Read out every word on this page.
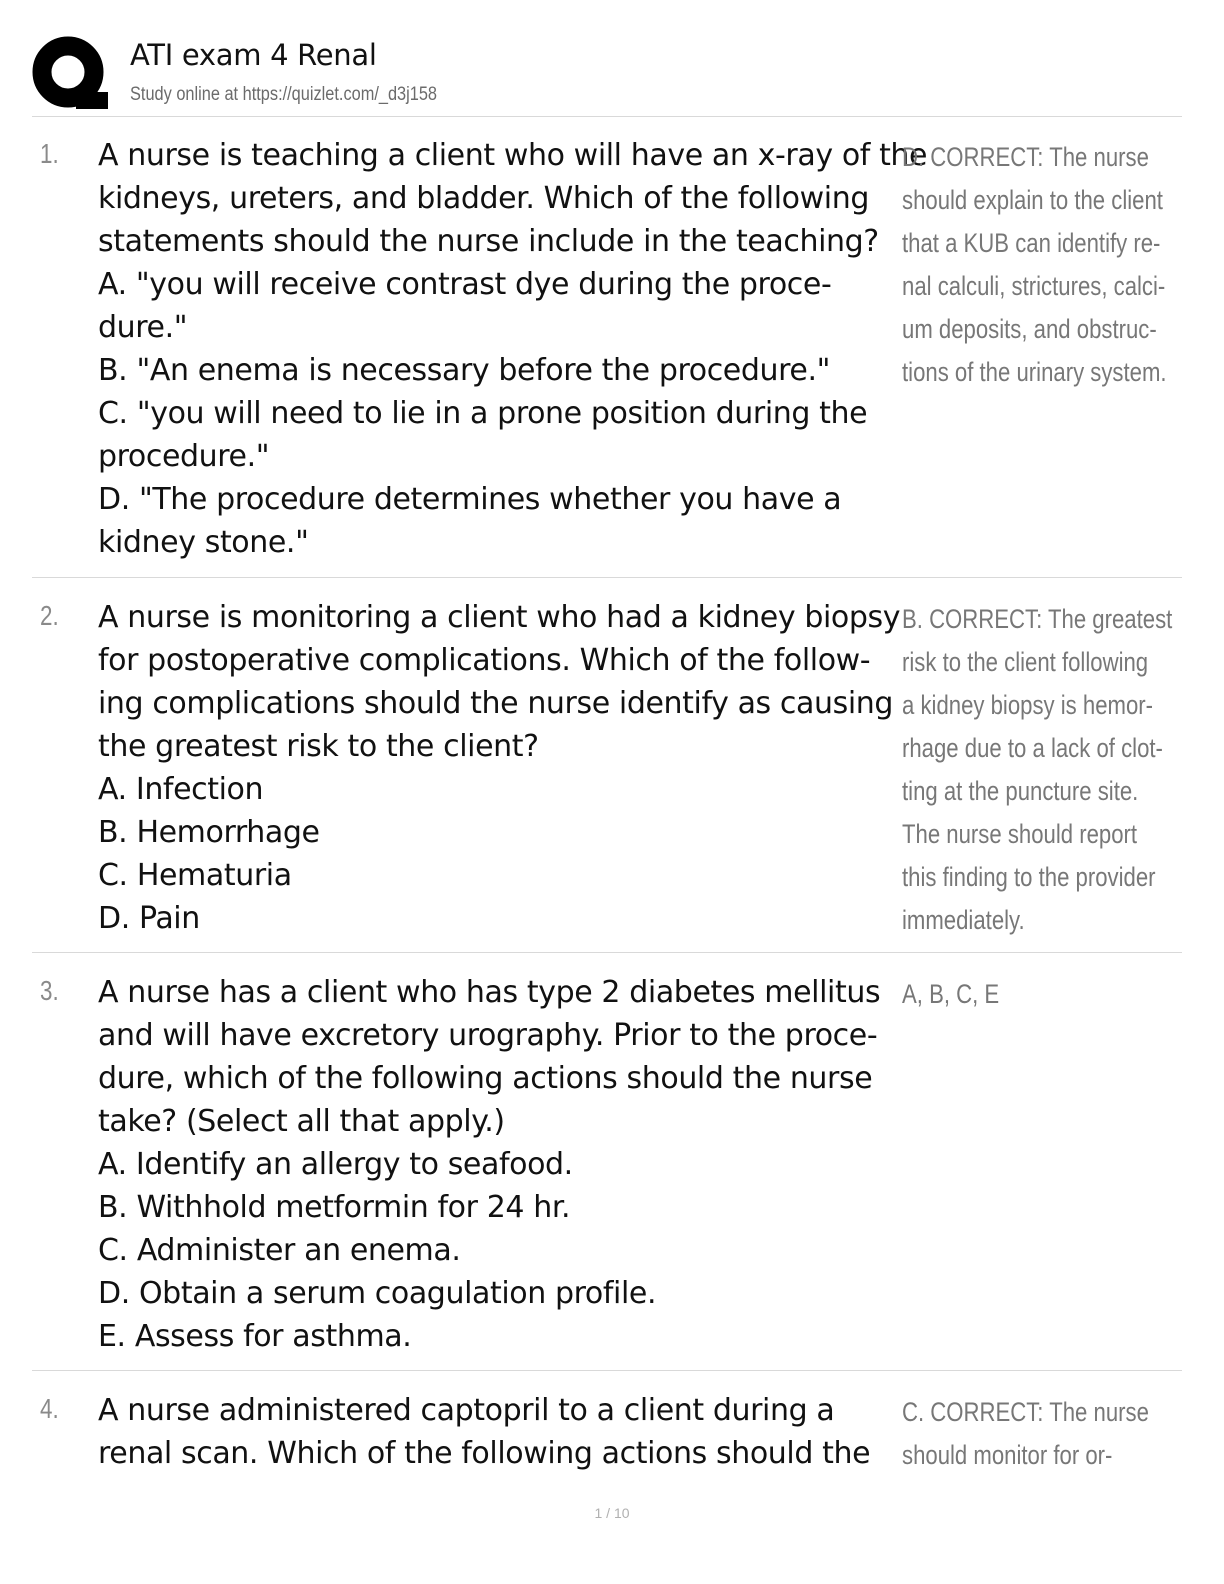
ATI exam 4 Renal
Study online at https://quizlet.com/_d3j158
1. A nurse is teaching a client who will have an x-ray of the
kidneys, ureters, and bladder. Which of the following
statements should the nurse include in the teaching?
A. "you will receive contrast dye during the proce-
dure."
B. "An enema is necessary before the procedure."
C. "you will need to lie in a prone position during the
procedure."
D. "The procedure determines whether you have a
kidney stone."
D. CORRECT: The nurse
should explain to the client
that a KUB can identify re-
nal calculi, strictures, calci-
um deposits, and obstruc-
tions of the urinary system.
2. A nurse is monitoring a client who had a kidney biopsy
for postoperative complications. Which of the follow-
ing complications should the nurse identify as causing
the greatest risk to the client?
A. Infection
B. Hemorrhage
C. Hematuria
D. Pain
B. CORRECT: The greatest
risk to the client following
a kidney biopsy is hemor-
rhage due to a lack of clot-
ting at the puncture site.
The nurse should report
this finding to the provider
immediately.
3. A nurse has a client who has type 2 diabetes mellitus
and will have excretory urography. Prior to the proce-
dure, which of the following actions should the nurse
take? (Select all that apply.)
A. Identify an allergy to seafood.
B. Withhold metformin for 24 hr.
C. Administer an enema.
D. Obtain a serum coagulation profile.
E. Assess for asthma.
A, B, C, E
4. A nurse administered captopril to a client during a
renal scan. Which of the following actions should the
C. CORRECT: The nurse
should monitor for or-
1 / 10
